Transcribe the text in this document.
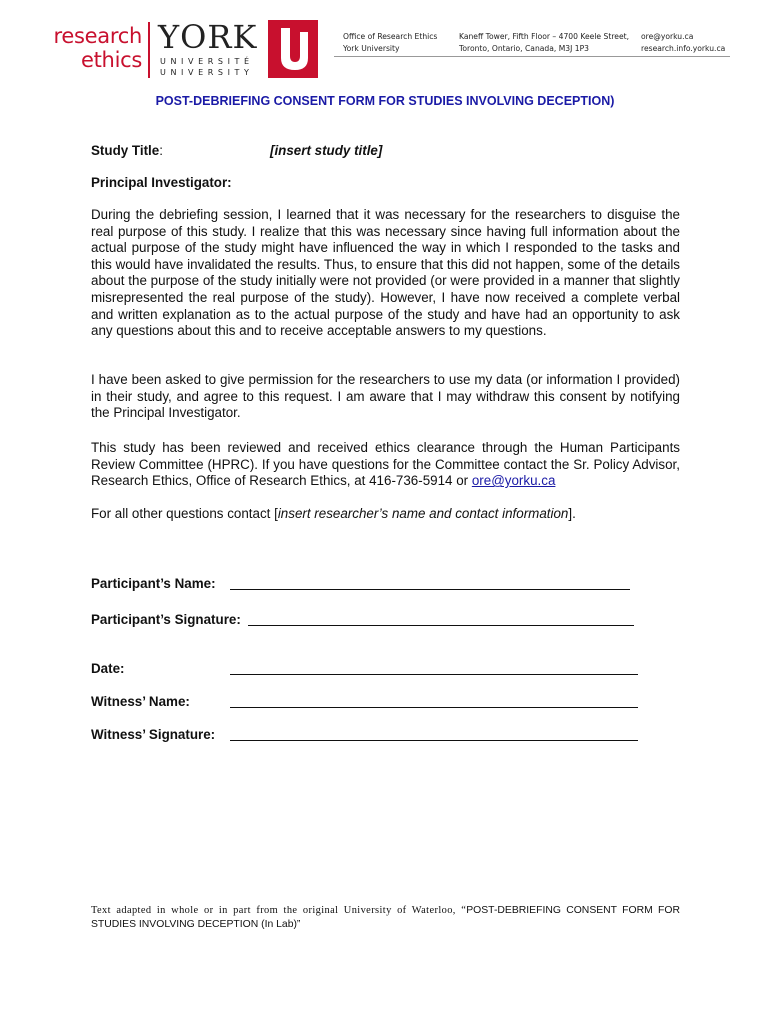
research
ethics
YORK
UNIVERSITÉ
UNIVERSITY
Office of Research Ethics
York University
Kaneff Tower, Fifth Floor – 4700 Keele Street,
Toronto, Ontario, Canada, M3J 1P3
ore@yorku.ca
research.info.yorku.ca
POST-DEBRIEFING CONSENT FORM FOR STUDIES INVOLVING DECEPTION)
Study Title:	[insert study title]
Principal Investigator:

During the debriefing session, I learned that it was necessary for the researchers to disguise the real purpose of this study. I realize that this was necessary since having full information about the actual purpose of the study might have influenced the way in which I responded to the tasks and this would have invalidated the results. Thus, to ensure that this did not happen, some of the details about the purpose of the study initially were not provided (or were provided in a manner that slightly misrepresented the real purpose of the study). However, I have now received a complete verbal and written explanation as to the actual purpose of the study and have had an opportunity to ask any questions about this and to receive acceptable answers to my questions.

I have been asked to give permission for the researchers to use my data (or information I provided) in their study, and agree to this request. I am aware that I may withdraw this consent by notifying the Principal Investigator.

This study has been reviewed and received ethics clearance through the Human Participants Review Committee (HPRC). If you have questions for the Committee contact the Sr. Policy Advisor, Research Ethics, Office of Research Ethics, at 416-736-5914 or ore@yorku.ca

For all other questions contact [insert researcher’s name and contact information].

Participant’s Name:
Participant’s Signature:
Date:
Witness’ Name:
Witness’ Signature:
Text adapted in whole or in part from the original University of Waterloo, “POST-DEBRIEFING CONSENT FORM FOR STUDIES INVOLVING DECEPTION (In Lab)”
